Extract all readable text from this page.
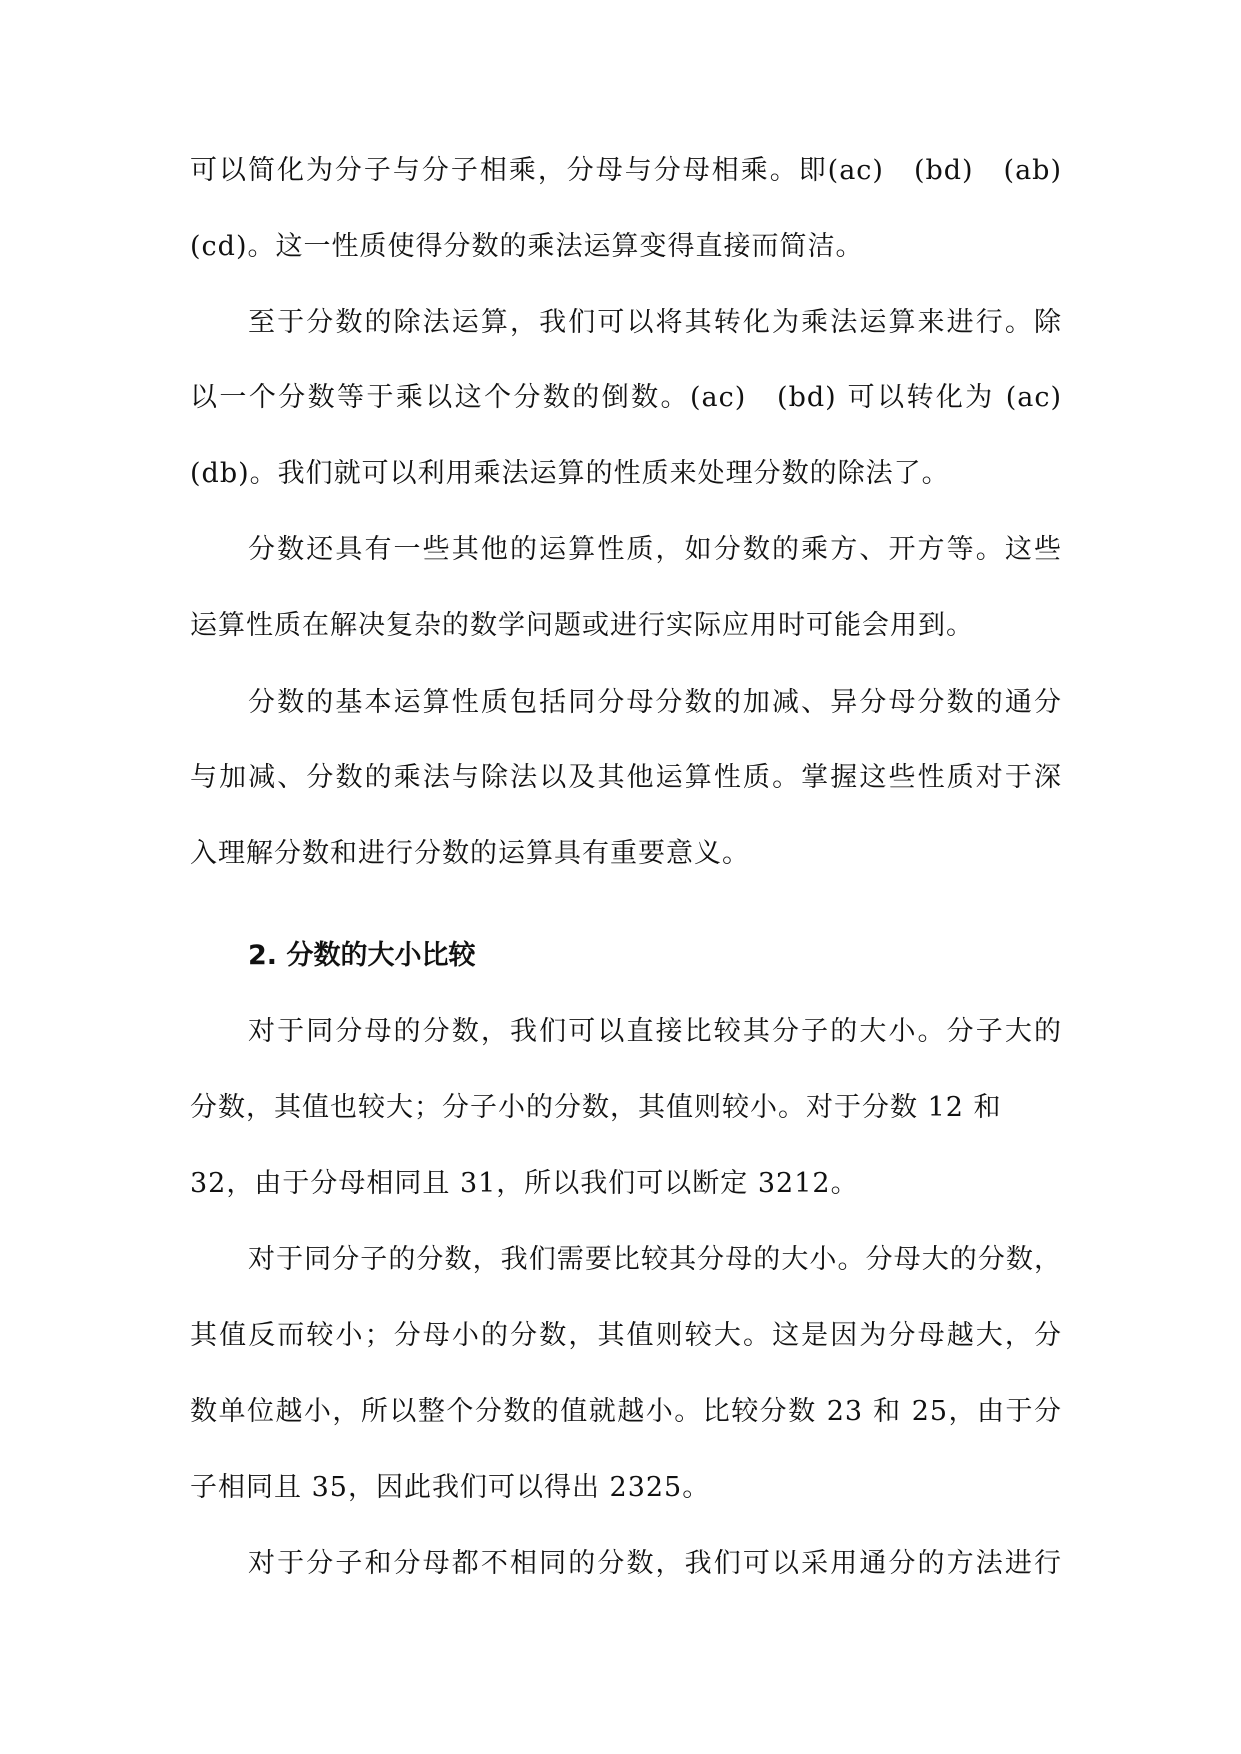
可以简化为分子与分子相乘，分母与分母相乘。即(ac)　(bd)　(ab)
(cd)。这一性质使得分数的乘法运算变得直接而简洁。
至于分数的除法运算，我们可以将其转化为乘法运算来进行。除
以一个分数等于乘以这个分数的倒数。(ac)　(bd) 可以转化为 (ac)
(db)。我们就可以利用乘法运算的性质来处理分数的除法了。
分数还具有一些其他的运算性质，如分数的乘方、开方等。这些
运算性质在解决复杂的数学问题或进行实际应用时可能会用到。
分数的基本运算性质包括同分母分数的加减、异分母分数的通分
与加减、分数的乘法与除法以及其他运算性质。掌握这些性质对于深
入理解分数和进行分数的运算具有重要意义。
2. 分数的大小比较
对于同分母的分数，我们可以直接比较其分子的大小。分子大的
分数，其值也较大；分子小的分数，其值则较小。对于分数 12 和
32，由于分母相同且 31，所以我们可以断定 3212。
对于同分子的分数，我们需要比较其分母的大小。分母大的分数，
其值反而较小；分母小的分数，其值则较大。这是因为分母越大，分
数单位越小，所以整个分数的值就越小。比较分数 23 和 25，由于分
子相同且 35，因此我们可以得出 2325。
对于分子和分母都不相同的分数，我们可以采用通分的方法进行
